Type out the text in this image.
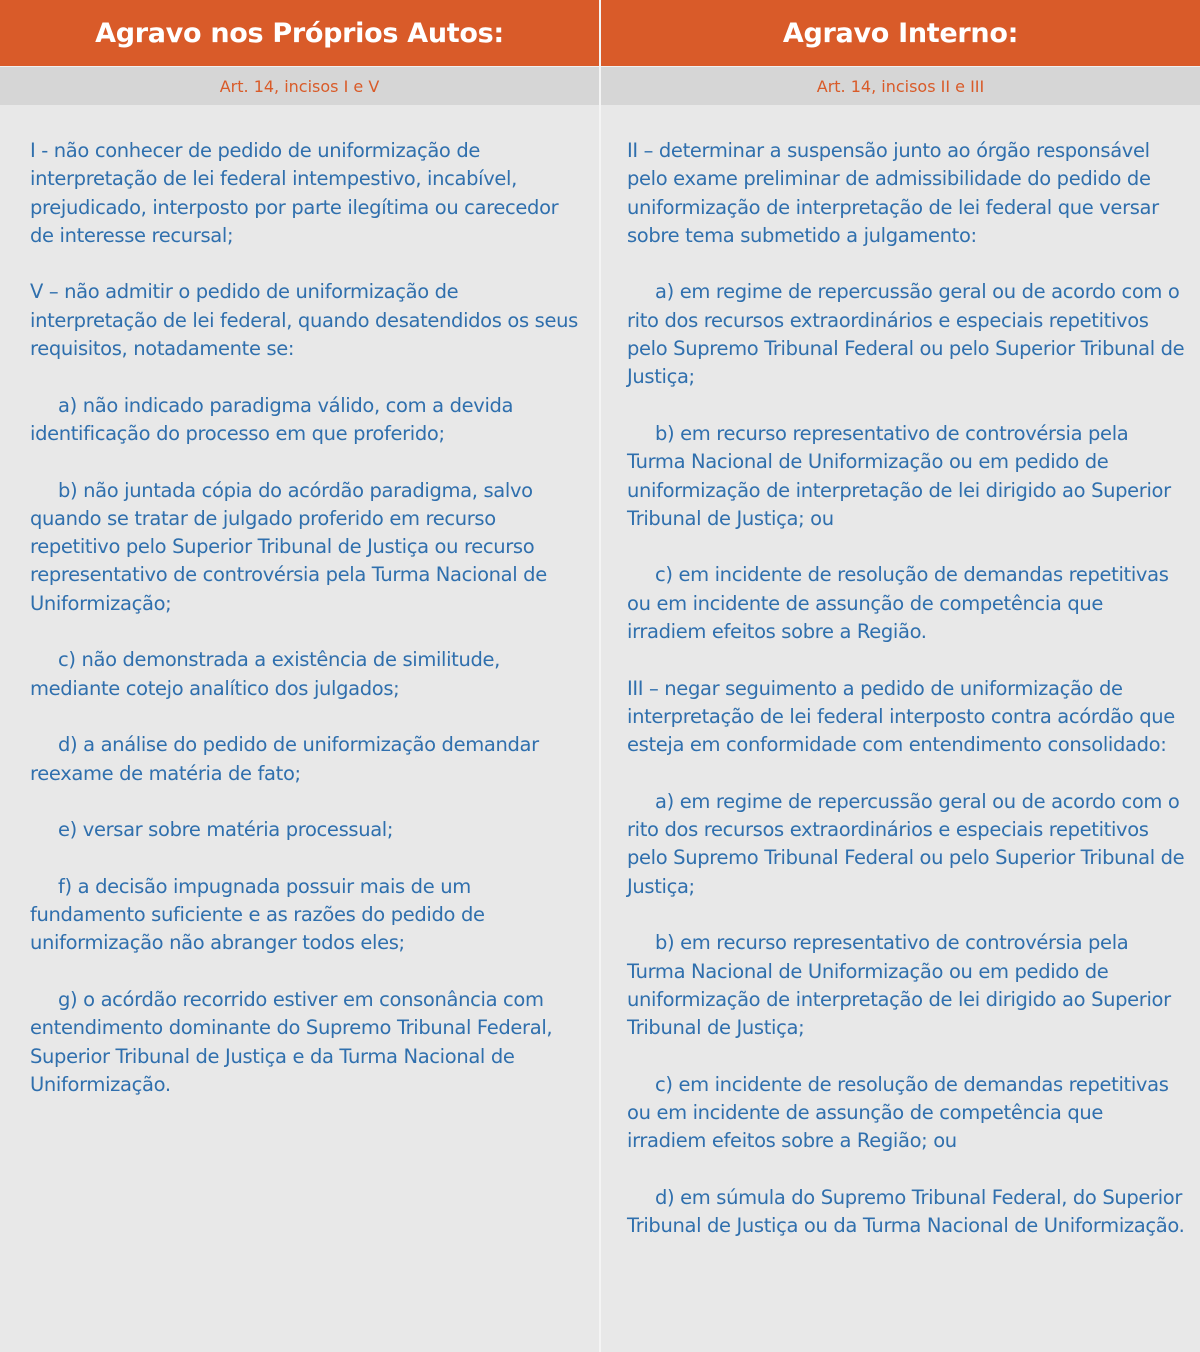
Agravo nos Próprios Autos:
Art. 14, incisos I e V

I - não conhecer de pedido de uniformização de interpretação de lei federal intempestivo, incabível, prejudicado, interposto por parte ilegítima ou carecedor de interesse recursal;

V – não admitir o pedido de uniformização de interpretação de lei federal, quando desatendidos os seus requisitos, notadamente se:

a) não indicado paradigma válido, com a devida identificação do processo em que proferido;

b) não juntada cópia do acórdão paradigma, salvo quando se tratar de julgado proferido em recurso repetitivo pelo Superior Tribunal de Justiça ou recurso representativo de controvérsia pela Turma Nacional de Uniformização;

c) não demonstrada a existência de similitude, mediante cotejo analítico dos julgados;

d) a análise do pedido de uniformização demandar reexame de matéria de fato;

e) versar sobre matéria processual;

f) a decisão impugnada possuir mais de um fundamento suficiente e as razões do pedido de uniformização não abranger todos eles;

g) o acórdão recorrido estiver em consonância com entendimento dominante do Supremo Tribunal Federal, Superior Tribunal de Justiça e da Turma Nacional de Uniformização.

Agravo Interno:
Art. 14, incisos II e III

II – determinar a suspensão junto ao órgão responsável pelo exame preliminar de admissibilidade do pedido de uniformização de interpretação de lei federal que versar sobre tema submetido a julgamento:

a) em regime de repercussão geral ou de acordo com o rito dos recursos extraordinários e especiais repetitivos pelo Supremo Tribunal Federal ou pelo Superior Tribunal de Justiça;

b) em recurso representativo de controvérsia pela Turma Nacional de Uniformização ou em pedido de uniformização de interpretação de lei dirigido ao Superior Tribunal de Justiça; ou

c) em incidente de resolução de demandas repetitivas ou em incidente de assunção de competência que irradiem efeitos sobre a Região.

III – negar seguimento a pedido de uniformização de interpretação de lei federal interposto contra acórdão que esteja em conformidade com entendimento consolidado:

a) em regime de repercussão geral ou de acordo com o rito dos recursos extraordinários e especiais repetitivos pelo Supremo Tribunal Federal ou pelo Superior Tribunal de Justiça;

b) em recurso representativo de controvérsia pela Turma Nacional de Uniformização ou em pedido de uniformização de interpretação de lei dirigido ao Superior Tribunal de Justiça;

c) em incidente de resolução de demandas repetitivas ou em incidente de assunção de competência que irradiem efeitos sobre a Região; ou

d) em súmula do Supremo Tribunal Federal, do Superior Tribunal de Justiça ou da Turma Nacional de Uniformização.
